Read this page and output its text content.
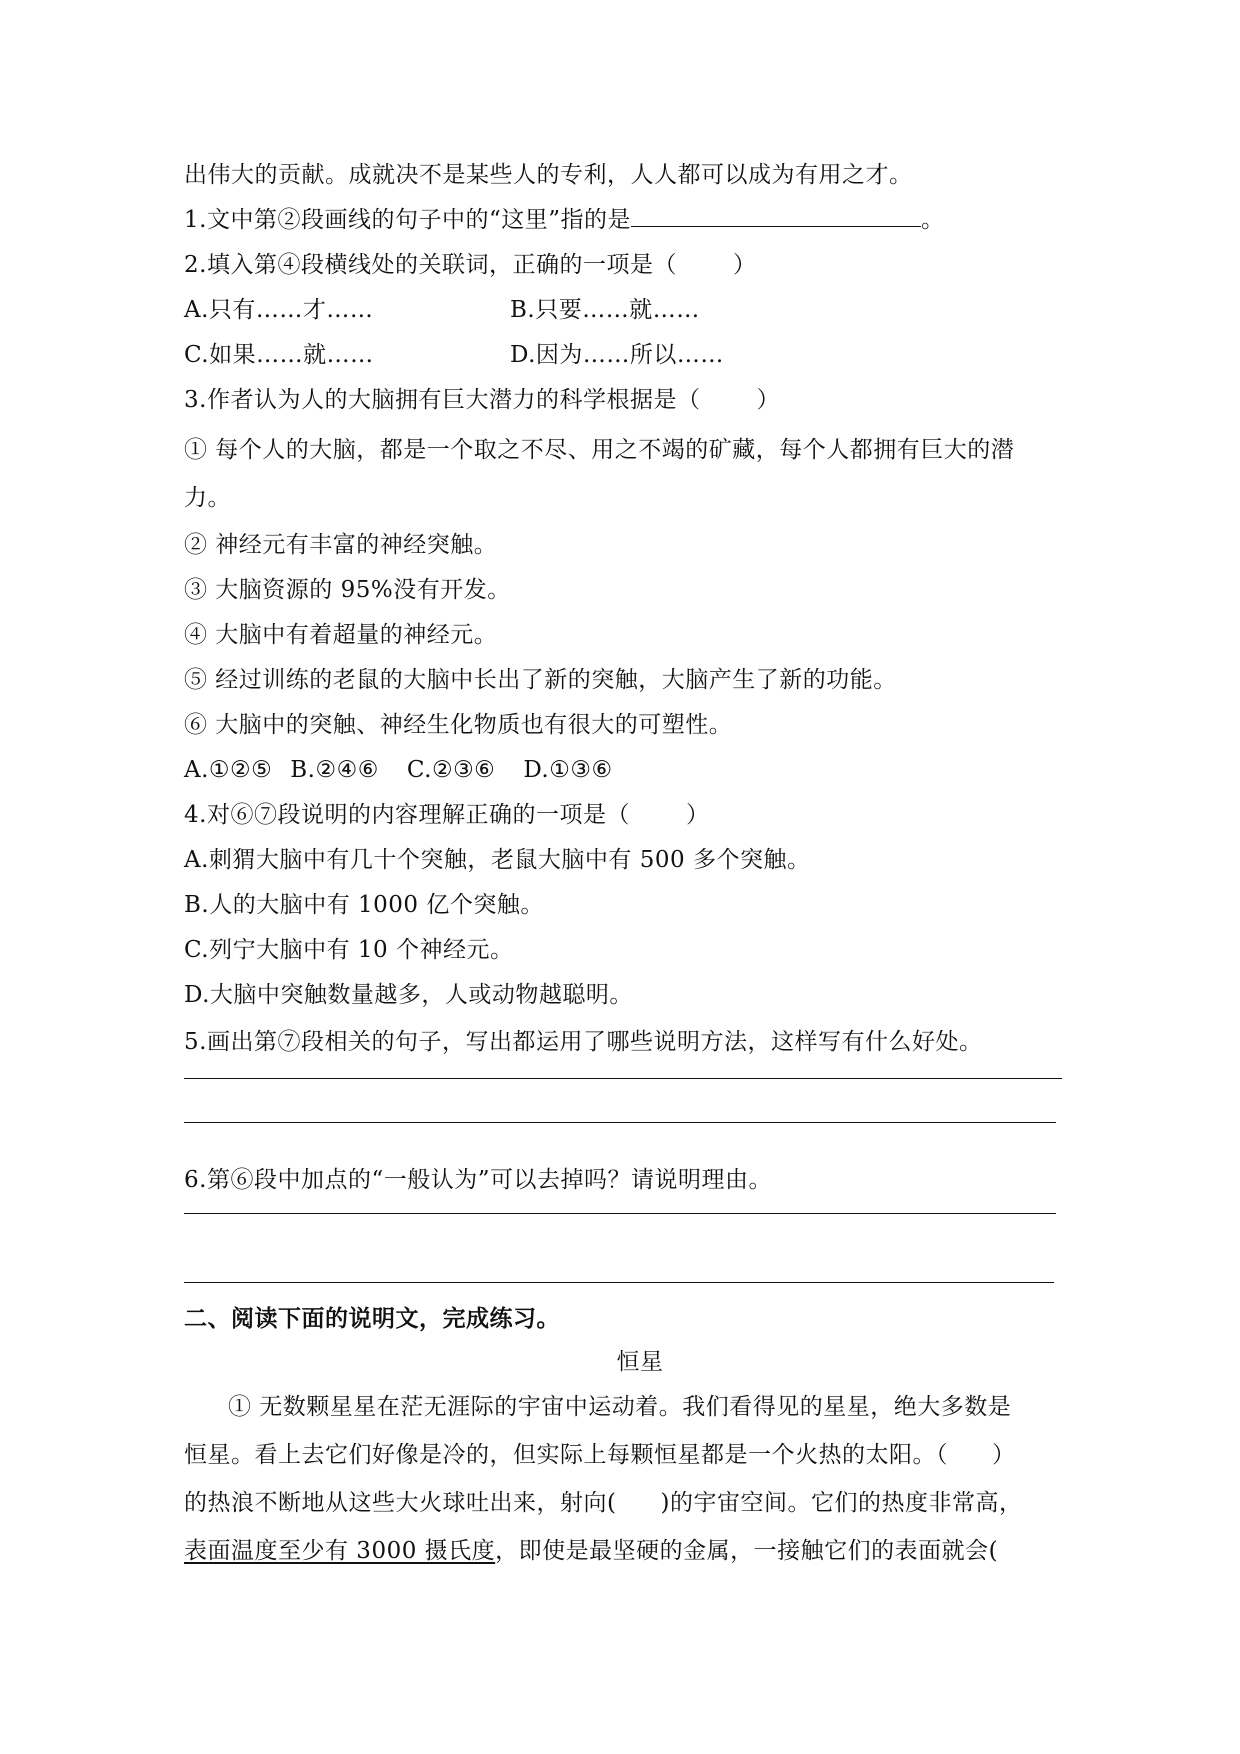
出伟大的贡献。成就决不是某些人的专利，人人都可以成为有用之才。
1.文中第②段画线的句子中的“这里”指的是	。
2.填入第④段横线处的关联词，正确的一项是（ ）
A.只有……才……	B.只要……就……
C.如果……就……	D.因为……所以……
3.作者认为人的大脑拥有巨大潜力的科学根据是（ ）
① 每个人的大脑，都是一个取之不尽、用之不竭的矿藏，每个人都拥有巨大的潜
力。
② 神经元有丰富的神经突触。
③ 大脑资源的 95%没有开发。
④ 大脑中有着超量的神经元。
⑤ 经过训练的老鼠的大脑中长出了新的突触，大脑产生了新的功能。
⑥ 大脑中的突触、神经生化物质也有很大的可塑性。
A.①②⑤ B.②④⑥ C.②③⑥ D.①③⑥
4.对⑥⑦段说明的内容理解正确的一项是（ ）
A.刺猬大脑中有几十个突触，老鼠大脑中有 500 多个突触。
B.人的大脑中有 1000 亿个突触。
C.列宁大脑中有 10 个神经元。
D.大脑中突触数量越多，人或动物越聪明。
5.画出第⑦段相关的句子，写出都运用了哪些说明方法，这样写有什么好处。
6.第⑥段中加点的“一般认为”可以去掉吗？请说明理由。
二、阅读下面的说明文，完成练习。
恒星
① 无数颗星星在茫无涯际的宇宙中运动着。我们看得见的星星，绝大多数是
恒星。看上去它们好像是冷的，但实际上每颗恒星都是一个火热的太阳。（ ）
的热浪不断地从这些大火球吐出来，射向( )的宇宙空间。它们的热度非常高，
表面温度至少有 3000 摄氏度，即使是最坚硬的金属，一接触它们的表面就会(
